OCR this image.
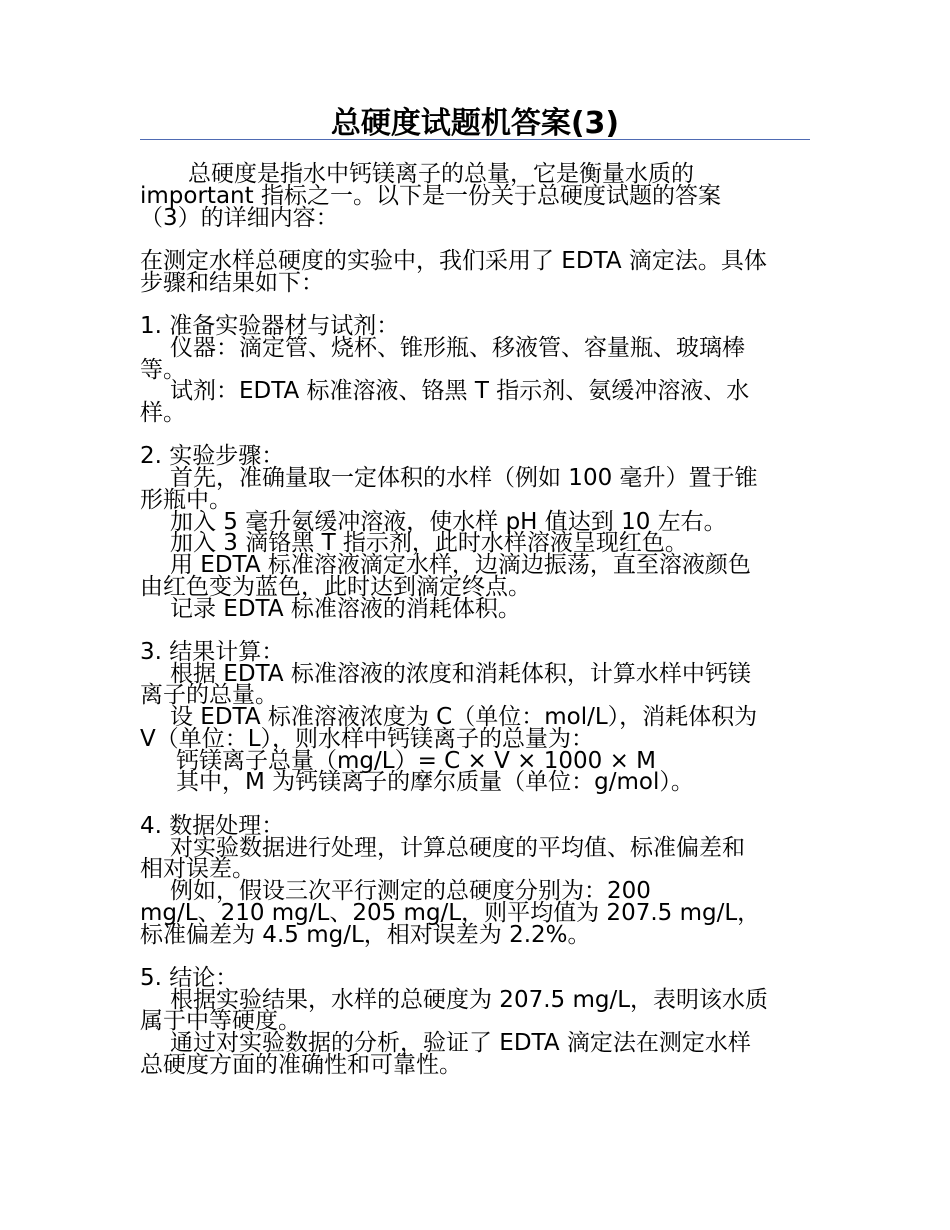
总硬度试题机答案(3)
总硬度是指水中钙镁离子的总量，它是衡量水质的
important 指标之一。以下是一份关于总硬度试题的答案
（3）的详细内容：
在测定水样总硬度的实验中，我们采用了 EDTA 滴定法。具体
步骤和结果如下：
1. 准备实验器材与试剂：
仪器：滴定管、烧杯、锥形瓶、移液管、容量瓶、玻璃棒
等。
试剂：EDTA 标准溶液、铬黑 T 指示剂、氨缓冲溶液、水
样。
2. 实验步骤：
首先，准确量取一定体积的水样（例如 100 毫升）置于锥
形瓶中。
加入 5 毫升氨缓冲溶液，使水样 pH 值达到 10 左右。
加入 3 滴铬黑 T 指示剂，此时水样溶液呈现红色。
用 EDTA 标准溶液滴定水样，边滴边振荡，直至溶液颜色
由红色变为蓝色，此时达到滴定终点。
记录 EDTA 标准溶液的消耗体积。
3. 结果计算：
根据 EDTA 标准溶液的浓度和消耗体积，计算水样中钙镁
离子的总量。
设 EDTA 标准溶液浓度为 C（单位：mol/L），消耗体积为
V（单位：L），则水样中钙镁离子的总量为：
钙镁离子总量（mg/L）= C × V × 1000 × M
其中，M 为钙镁离子的摩尔质量（单位：g/mol）。
4. 数据处理：
对实验数据进行处理，计算总硬度的平均值、标准偏差和
相对误差。
例如，假设三次平行测定的总硬度分别为：200
mg/L、210 mg/L、205 mg/L，则平均值为 207.5 mg/L，
标准偏差为 4.5 mg/L，相对误差为 2.2%。
5. 结论：
根据实验结果，水样的总硬度为 207.5 mg/L，表明该水质
属于中等硬度。
通过对实验数据的分析，验证了 EDTA 滴定法在测定水样
总硬度方面的准确性和可靠性。
